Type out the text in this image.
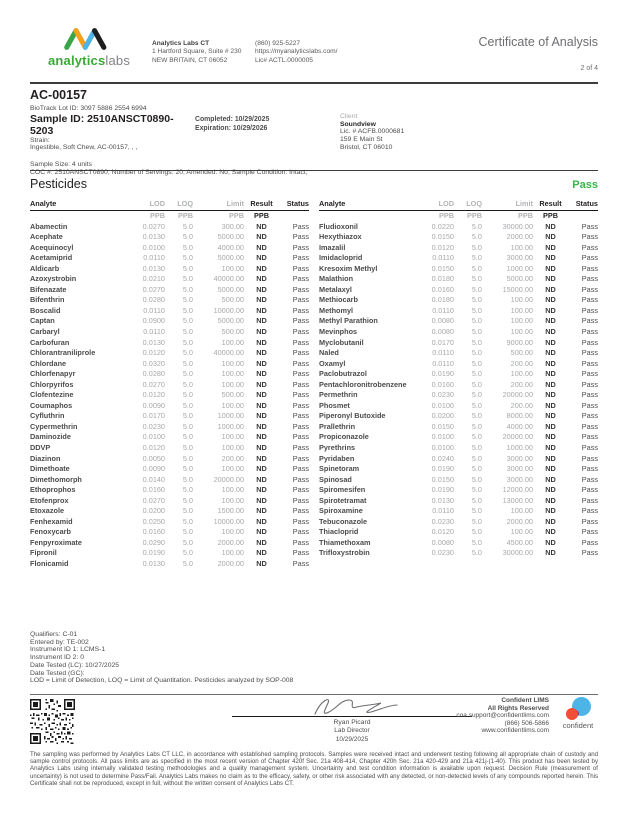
analyticslabs
Analytics Labs CT
1 Hartford Square, Suite # 230
NEW BRITAIN, CT 06052
(860) 925-5227
https://myanalyticslabs.com/
Lic# ACTL.0000005
Certificate of Analysis
2 of 4
AC-00157
BioTrack Lot ID: 3097 5886 2554 6994
Sample ID: 2510ANSCT0890-5203
Strain:
Ingestible, Soft Chew, AC-00157, , ,
Completed: 10/29/2025
Expiration: 10/29/2026
Client
Soundview
Lic. # ACFB.0000681
159 E Main St
Bristol, CT 06010
Sample Size: 4 units
COC #: 2510ANSCT0890; Number of Servings: 20; Amended: No; Sample Condition: Intact;
Pesticides	Pass
Analyte	LOD	LOQ	Limit Result	Status
PPB	PPB	PPB	PPB
Abamectin	0.0270	5.0	300.00	ND	Pass
Acephate	0.0130	5.0	5000.00	ND	Pass
Acequinocyl	0.0100	5.0	4000.00	ND	Pass
Acetamiprid	0.0110	5.0	5000.00	ND	Pass
Aldicarb	0.0130	5.0	100.00	ND	Pass
Azoxystrobin	0.0210	5.0	40000.00	ND	Pass
Bifenazate	0.0270	5.0	5000.00	ND	Pass
Bifenthrin	0.0280	5.0	500.00	ND	Pass
Boscalid	0.0110	5.0	10000.00	ND	Pass
Captan	0.0900	5.0	5000.00	ND	Pass
Carbaryl	0.0110	5.0	500.00	ND	Pass
Carbofuran	0.0130	5.0	100.00	ND	Pass
Chlorantraniliprole	0.0120	5.0	40000.00	ND	Pass
Chlordane	0.0320	5.0	100.00	ND	Pass
Chlorfenapyr	0.0280	5.0	100.00	ND	Pass
Chlorpyrifos	0.0270	5.0	100.00	ND	Pass
Clofentezine	0.0120	5.0	500.00	ND	Pass
Coumaphos	0.0090	5.0	100.00	ND	Pass
Cyfluthrin	0.0170	5.0	1000.00	ND	Pass
Cypermethrin	0.0230	5.0	1000.00	ND	Pass
Daminozide	0.0100	5.0	100.00	ND	Pass
DDVP	0.0120	5.0	100.00	ND	Pass
Diazinon	0.0050	5.0	200.00	ND	Pass
Dimethoate	0.0090	5.0	100.00	ND	Pass
Dimethomorph	0.0140	5.0	20000.00	ND	Pass
Ethoprophos	0.0160	5.0	100.00	ND	Pass
Etofenprox	0.0270	5.0	100.00	ND	Pass
Etoxazole	0.0200	5.0	1500.00	ND	Pass
Fenhexamid	0.0250	5.0	10000.00	ND	Pass
Fenoxycarb	0.0160	5.0	100.00	ND	Pass
Fenpyroximate	0.0290	5.0	2000.00	ND	Pass
Fipronil	0.0190	5.0	100.00	ND	Pass
Flonicamid	0.0130	5.0	2000.00	ND	Pass
Analyte	LOD	LOQ	Limit Result	Status
PPB	PPB	PPB	PPB
Fludioxonil	0.0220	5.0	30000.00	ND	Pass
Hexythiazox	0.0150	5.0	2000.00	ND	Pass
Imazalil	0.0120	5.0	100.00	ND	Pass
Imidacloprid	0.0110	5.0	3000.00	ND	Pass
Kresoxim Methyl	0.0150	5.0	1000.00	ND	Pass
Malathion	0.0180	5.0	5000.00	ND	Pass
Metalaxyl	0.0160	5.0	15000.00	ND	Pass
Methiocarb	0.0180	5.0	100.00	ND	Pass
Methomyl	0.0110	5.0	100.00	ND	Pass
Methyl Parathion	0.0080	5.0	100.00	ND	Pass
Mevinphos	0.0080	5.0	100.00	ND	Pass
Myclobutanil	0.0170	5.0	9000.00	ND	Pass
Naled	0.0110	5.0	500.00	ND	Pass
Oxamyl	0.0110	5.0	200.00	ND	Pass
Paclobutrazol	0.0190	5.0	100.00	ND	Pass
Pentachloronitrobenzene	0.0160	5.0	200.00	ND	Pass
Permethrin	0.0230	5.0	20000.00	ND	Pass
Phosmet	0.0100	5.0	200.00	ND	Pass
Piperonyl Butoxide	0.0200	5.0	8000.00	ND	Pass
Prallethrin	0.0150	5.0	4000.00	ND	Pass
Propiconazole	0.0100	5.0	20000.00	ND	Pass
Pyrethrins	0.0100	5.0	1000.00	ND	Pass
Pyridaben	0.0240	5.0	3000.00	ND	Pass
Spinetoram	0.0190	5.0	3000.00	ND	Pass
Spinosad	0.0150	5.0	3000.00	ND	Pass
Spiromesifen	0.0190	5.0	12000.00	ND	Pass
Spirotetramat	0.0130	5.0	13000.00	ND	Pass
Spiroxamine	0.0110	5.0	100.00	ND	Pass
Tebuconazole	0.0230	5.0	2000.00	ND	Pass
Thiacloprid	0.0120	5.0	100.00	ND	Pass
Thiamethoxam	0.0080	5.0	4500.00	ND	Pass
Trifloxystrobin	0.0230	5.0	30000.00	ND	Pass
Qualifiers: C-01
Entered by: TE-002
Instrument ID 1: LCMS-1
Instrument ID 2: 0
Date Tested (LC): 10/27/2025
Date Tested (GC):
LOD = Limit of Detection, LOQ = Limit of Quantitation. Pesticides analyzed by SOP-008
Ryan Picard
Lab Director
10/29/2025
Confident LIMS
All Rights Reserved
coa.support@confidentlims.com
(866) 506-5866
www.confidentlims.com
confident
The sampling was performed by Analytics Labs CT LLC, in accordance with established sampling protocols. Samples were received intact and underwent testing following all appropriate chain of custody and sample control protocols. All pass limits are as specified in the most recent version of Chapter 420f Sec. 21a 408-414, Chapter 420h Sec. 21a 420-429 and 21a 421j-(1-40). This product has been tested by Analytics Labs using internally validated testing methodologies and a quality management system. Uncertainty and test condition information is available upon request. Decision Rule (measurement of uncertainty) is not used to determine Pass/Fail. Analytics Labs makes no claim as to the efficacy, safety, or other risk associated with any detected, or non-detected levels of any compounds reported herein. This Certificate shall not be reproduced, except in full, without the written consent of Analytics Labs CT.
